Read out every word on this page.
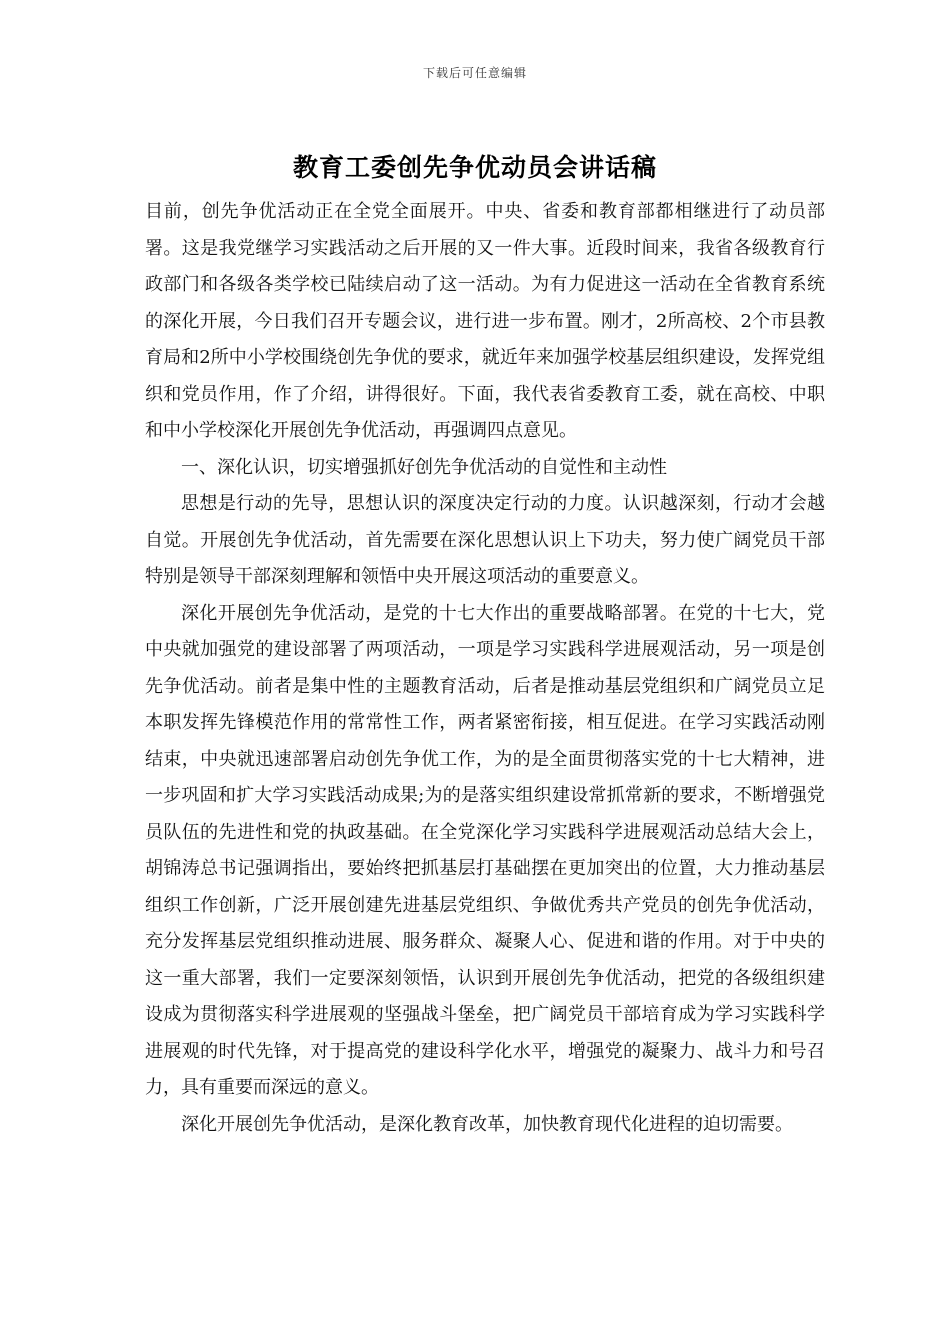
下载后可任意编辑
教育工委创先争优动员会讲话稿

目前，创先争优活动正在全党全面展开。中央、省委和教育部都相继进行了动员部署。这是我党继学习实践活动之后开展的又一件大事。近段时间来，我省各级教育行政部门和各级各类学校已陆续启动了这一活动。为有力促进这一活动在全省教育系统的深化开展，今日我们召开专题会议，进行进一步布置。刚才，2所高校、2个市县教育局和2所中小学校围绕创先争优的要求，就近年来加强学校基层组织建设，发挥党组织和党员作用，作了介绍，讲得很好。下面，我代表省委教育工委，就在高校、中职和中小学校深化开展创先争优活动，再强调四点意见。

一、深化认识，切实增强抓好创先争优活动的自觉性和主动性

思想是行动的先导，思想认识的深度决定行动的力度。认识越深刻，行动才会越自觉。开展创先争优活动，首先需要在深化思想认识上下功夫，努力使广阔党员干部特别是领导干部深刻理解和领悟中央开展这项活动的重要意义。

深化开展创先争优活动，是党的十七大作出的重要战略部署。在党的十七大，党中央就加强党的建设部署了两项活动，一项是学习实践科学进展观活动，另一项是创先争优活动。前者是集中性的主题教育活动，后者是推动基层党组织和广阔党员立足本职发挥先锋模范作用的常常性工作，两者紧密衔接，相互促进。在学习实践活动刚结束，中央就迅速部署启动创先争优工作，为的是全面贯彻落实党的十七大精神，进一步巩固和扩大学习实践活动成果;为的是落实组织建设常抓常新的要求，不断增强党员队伍的先进性和党的执政基础。在全党深化学习实践科学进展观活动总结大会上，胡锦涛总书记强调指出，要始终把抓基层打基础摆在更加突出的位置，大力推动基层组织工作创新，广泛开展创建先进基层党组织、争做优秀共产党员的创先争优活动，充分发挥基层党组织推动进展、服务群众、凝聚人心、促进和谐的作用。对于中央的这一重大部署，我们一定要深刻领悟，认识到开展创先争优活动，把党的各级组织建设成为贯彻落实科学进展观的坚强战斗堡垒，把广阔党员干部培育成为学习实践科学进展观的时代先锋，对于提高党的建设科学化水平，增强党的凝聚力、战斗力和号召力，具有重要而深远的意义。

深化开展创先争优活动，是深化教育改革，加快教育现代化进程的迫切需要。
